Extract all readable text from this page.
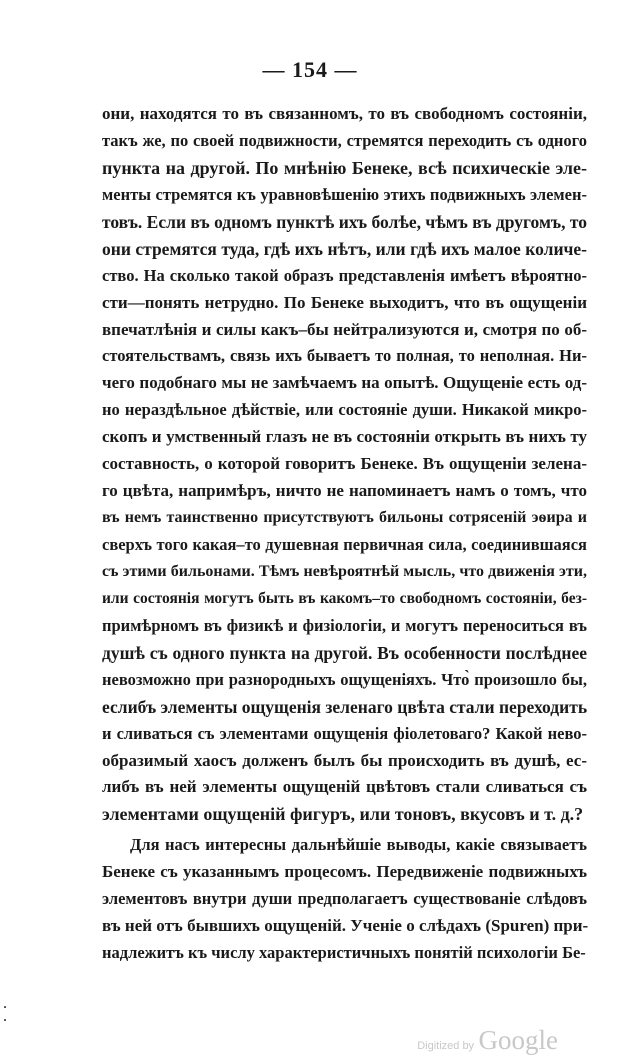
— 154 —
они, находятся то въ связанномъ, то въ свободномъ состояніи,
такъ же, по своей подвижности, стремятся переходить съ одного
пункта на другой. По мнѣнію Бенеке, всѣ психическіе эле-
менты стремятся къ уравновѣшенію этихъ подвижныхъ элемен-
товъ. Если въ одномъ пунктѣ ихъ болѣе, чѣмъ въ другомъ, то
они стремятся туда, гдѣ ихъ нѣтъ, или гдѣ ихъ малое количе-
ство. На сколько такой образъ представленія имѣетъ вѣроятно-
сти—понять нетрудно. По Бенеке выходитъ, что въ ощущеніи
впечатлѣнія и силы какъ–бы нейтрализуются и, смотря по об-
стоятельствамъ, связь ихъ бываетъ то полная, то неполная. Ни-
чего подобнаго мы не замѣчаемъ на опытѣ. Ощущеніе есть од-
но нераздѣльное дѣйствіе, или состояніе души. Никакой микро-
скопъ и умственный глазъ не въ состояніи открыть въ нихъ ту
составность, о которой говоритъ Бенеке. Въ ощущеніи зелена-
го цвѣта, напримѣръ, ничто не напоминаетъ намъ о томъ, что
въ немъ таинственно присутствуютъ бильоны сотрясеній эѳира и
сверхъ того какая–то душевная первичная сила, соединившаяся
съ этими бильонами. Тѣмъ невѣроятнѣй мысль, что движенія эти,
или состоянія могутъ быть въ какомъ–то свободномъ состояніи, без-
примѣрномъ въ физикѣ и физіологіи, и могутъ переноситься въ
душѣ съ одного пункта на другой. Въ особенности послѣднее
невозможно при разнородныхъ ощущеніяхъ. Что̀ произошло бы,
еслибъ элементы ощущенія зеленаго цвѣта стали переходить
и сливаться съ элементами ощущенія фіолетоваго? Какой нево-
образимый хаосъ долженъ былъ бы происходить въ душѣ, ес-
либъ въ ней элементы ощущеній цвѣтовъ стали сливаться съ
элементами ощущеній фигуръ, или тоновъ, вкусовъ и т. д.?
Для насъ интересны дальнѣйшіе выводы, какіе связываетъ
Бенеке съ указаннымъ процесомъ. Передвиженіе подвижныхъ
элементовъ внутри души предполагаетъ существованіе слѣдовъ
въ ней отъ бывшихъ ощущеній. Ученіе о слѣдахъ (Spuren) при-
надлежитъ къ числу характеристичныхъ понятій психологіи Бе-
·
·
Digitized by Google
